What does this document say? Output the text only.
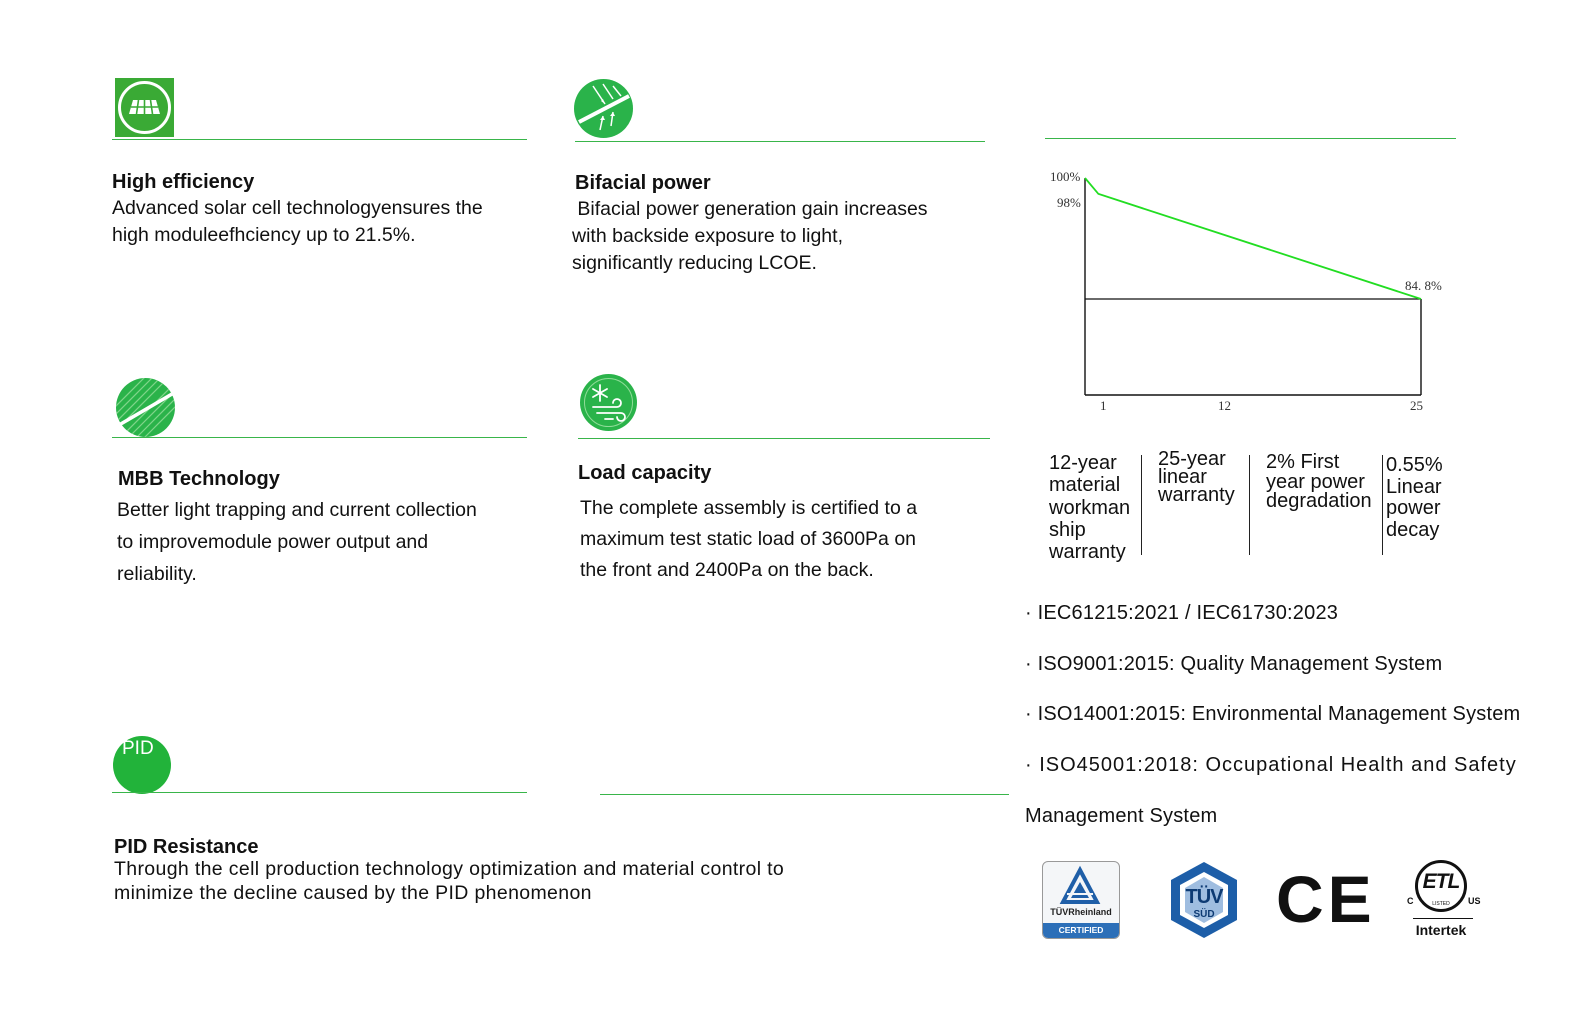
High efficiency
Advanced solar cell technologyensures the
high moduleefhciency up to 21.5%.
Bifacial power
Bifacial power generation gain increases
with backside exposure to light,
significantly reducing LCOE.
MBB Technology
Better light trapping and current collection
to improvemodule power output and
reliability.
Load capacity
The complete assembly is certified to a
maximum test static load of 3600Pa on
the front and 2400Pa on the back.
PID
PID Resistance
Through the cell production technology optimization and material control to
minimize the decline caused by the PID phenomenon
100%
98%
84. 8%
1	12	25
12-year material workman ship warranty
25-year linear warranty
2% First year power degradation
0.55% Linear power decay
· IEC61215:2021 / IEC61730:2023
· ISO9001:2015: Quality Management System
· ISO14001:2015: Environmental Management System
· ISO45001:2018: Occupational Health and Safety
Management System
TÜVRheinland
CERTIFIED
TÜV
SÜD CE	ETL
LISTED
C	US
Intertek
